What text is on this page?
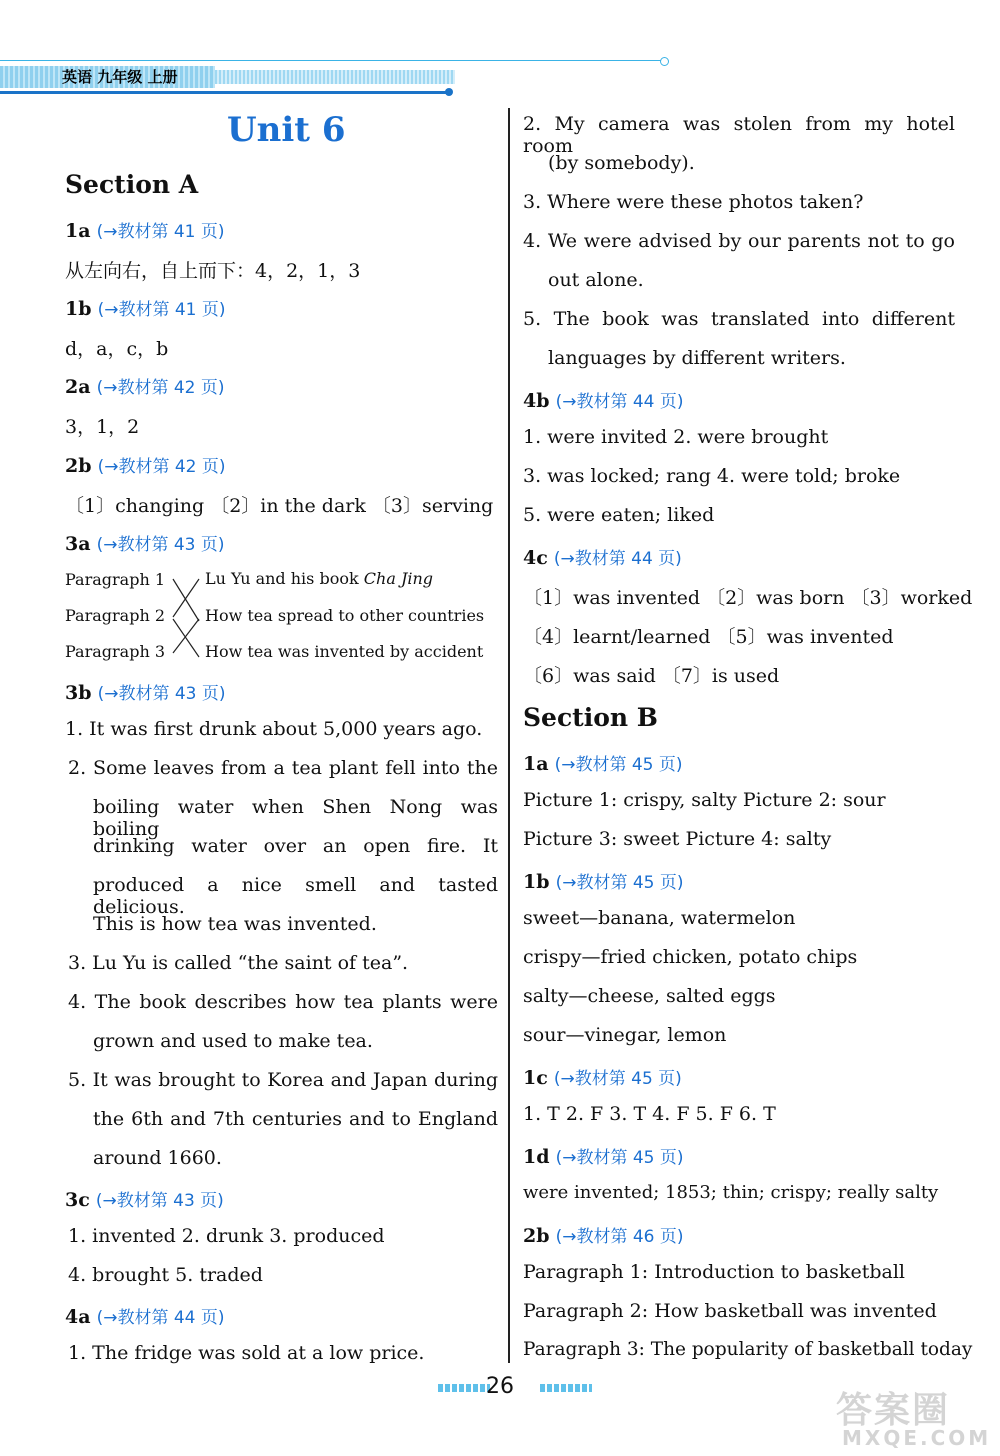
英语 九年级 上册
Unit 6
Section A
1a (→教材第 41 页)
从左向右，自上而下：4，2，1，3
1b (→教材第 41 页)
d，a，c，b
2a (→教材第 42 页)
3，1，2
2b (→教材第 42 页)
〔1〕changing 〔2〕in the dark 〔3〕serving
3a (→教材第 43 页)
Paragraph 1
Paragraph 2
Paragraph 3
Lu Yu and his book Cha Jing
How tea spread to other countries
How tea was invented by accident
3b (→教材第 43 页)
1. It was first drunk about 5,000 years ago.
2. Some leaves from a tea plant fell into the
boiling water when Shen Nong was boiling
drinking water over an open fire. It
produced a nice smell and tasted delicious.
This is how tea was invented.
3. Lu Yu is called “the saint of tea”.
4. The book describes how tea plants were
grown and used to make tea.
5. It was brought to Korea and Japan during
the 6th and 7th centuries and to England
around 1660.
3c (→教材第 43 页)
1. invented 2. drunk 3. produced
4. brought 5. traded
4a (→教材第 44 页)
1. The fridge was sold at a low price.
2. My camera was stolen from my hotel room
(by somebody).
3. Where were these photos taken?
4. We were advised by our parents not to go
out alone.
5. The book was translated into different
languages by different writers.
4b (→教材第 44 页)
1. were invited 2. were brought
3. was locked; rang 4. were told; broke
5. were eaten; liked
4c (→教材第 44 页)
〔1〕was invented 〔2〕was born 〔3〕worked
〔4〕learnt/learned 〔5〕was invented
〔6〕was said 〔7〕is used
Section B
1a (→教材第 45 页)
Picture 1: crispy, salty Picture 2: sour
Picture 3: sweet Picture 4: salty
1b (→教材第 45 页)
sweet—banana, watermelon
crispy—fried chicken, potato chips
salty—cheese, salted eggs
sour—vinegar, lemon
1c (→教材第 45 页)
1. T 2. F 3. T 4. F 5. F 6. T
1d (→教材第 45 页)
were invented; 1853; thin; crispy; really salty
2b (→教材第 46 页)
Paragraph 1: Introduction to basketball
Paragraph 2: How basketball was invented
Paragraph 3: The popularity of basketball today
26
答案圈
MXQE.COM
